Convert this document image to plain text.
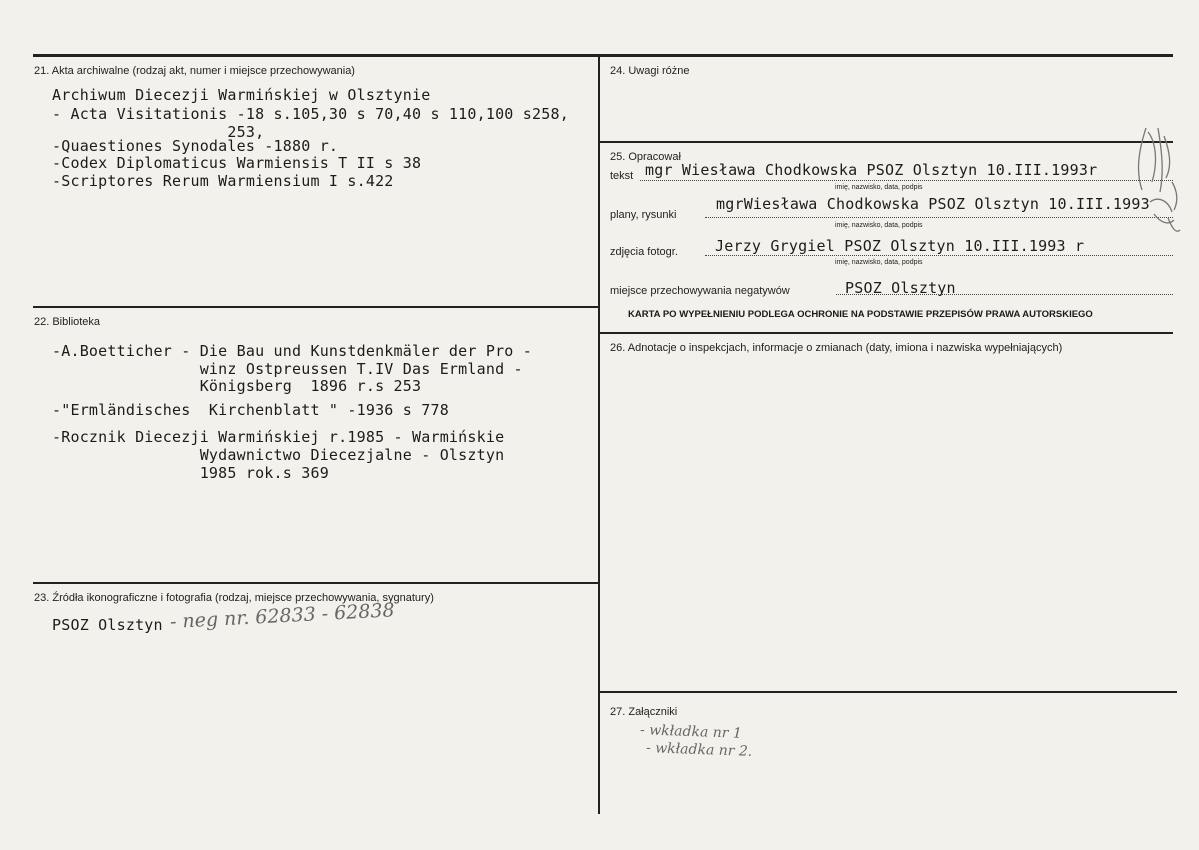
21. Akta archiwalne (rodzaj akt, numer i miejsce przechowywania)
Archiwum Diecezji Warmińskiej w Olsztynie
- Acta Visitationis -18 s.105,30 s 70,40 s 110,100 s258,
253,
-Quaestiones Synodales -1880 r.
-Codex Diplomaticus Warmiensis T II s 38
-Scriptores Rerum Warmiensium I s.422
22. Biblioteka
-A.Boetticher - Die Bau und Kunstdenkmäler der Pro -
winz Ostpreussen T.IV Das Ermland -
Königsberg  1896 r.s 253
-"Ermländisches  Kirchenblatt " -1936 s 778
-Rocznik Diecezji Warmińskiej r.1985 - Warmińskie
Wydawnictwo Diecezjalne - Olsztyn
1985 rok.s 369
23. Źródła ikonograficzne i fotografia (rodzaj, miejsce przechowywania, sygnatury)
PSOZ Olsztyn - neg nr. 62833 - 62838
24. Uwagi różne
25. Opracował
tekst mgr Wiesława Chodkowska PSOZ Olsztyn 10.III.1993r
imię, nazwisko, data, podpis
plany, rysunki
mgrWiesława Chodkowska PSOZ Olsztyn 10.III.1993
imię, nazwisko, data, podpis
zdjęcia fotogr. Jerzy Grygiel PSOZ Olsztyn 10.III.1993 r
imię, nazwisko, data, podpis
miejsce przechowywania negatywów	PSOZ Olsztyn
KARTA PO WYPEŁNIENIU PODLEGA OCHRONIE NA PODSTAWIE PRZEPISÓW PRAWA AUTORSKIEGO
26. Adnotacje o inspekcjach, informacje o zmianach (daty, imiona i nazwiska wypełniających)
27. Załączniki
- wkładka nr 1
- wkładka nr 2.
